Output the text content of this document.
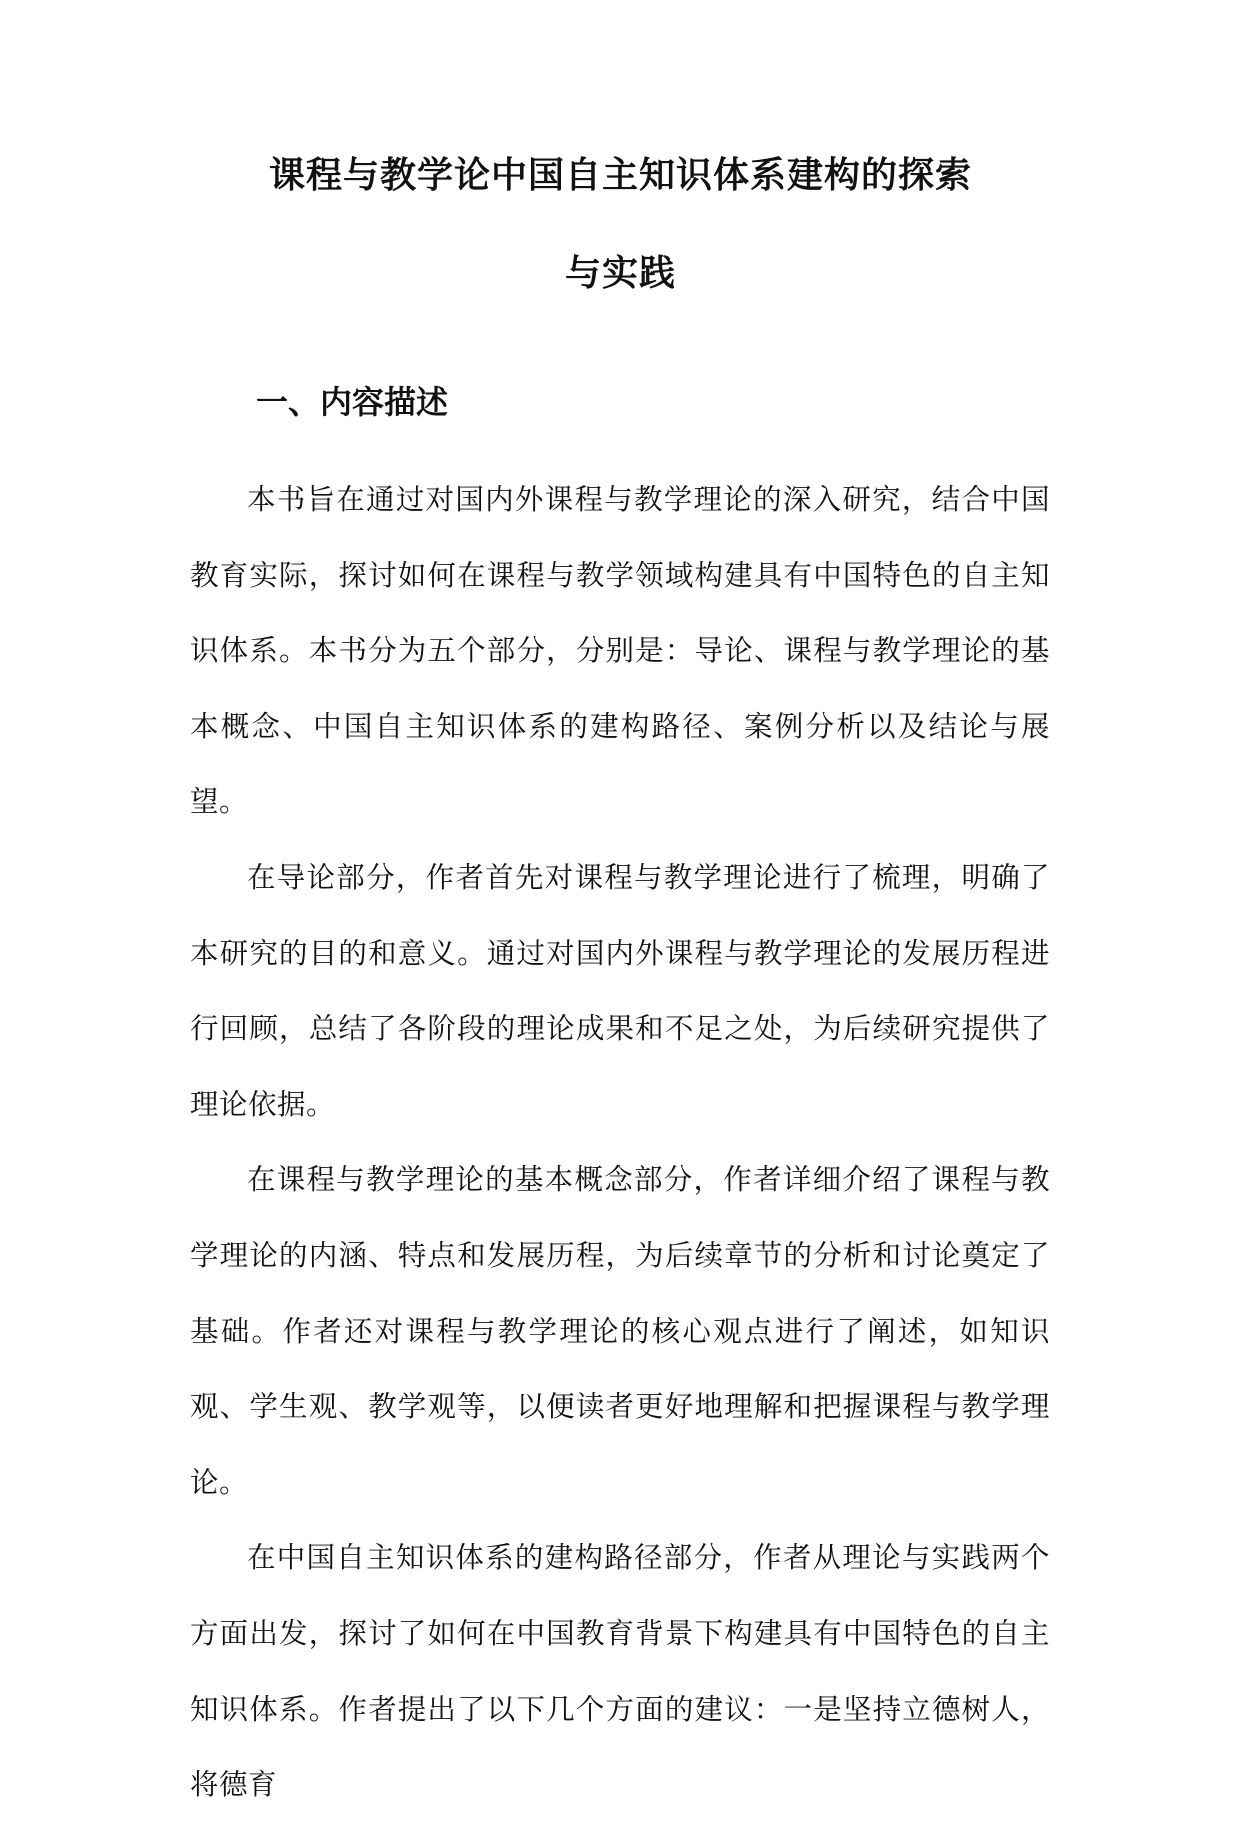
课程与教学论中国自主知识体系建构的探索
与实践
一、内容描述

本书旨在通过对国内外课程与教学理论的深入研究，结合中国教育实际，探讨如何在课程与教学领域构建具有中国特色的自主知识体系。本书分为五个部分，分别是：导论、课程与教学理论的基本概念、中国自主知识体系的建构路径、案例分析以及结论与展望。

在导论部分，作者首先对课程与教学理论进行了梳理，明确了本研究的目的和意义。通过对国内外课程与教学理论的发展历程进行回顾，总结了各阶段的理论成果和不足之处，为后续研究提供了理论依据。

在课程与教学理论的基本概念部分，作者详细介绍了课程与教学理论的内涵、特点和发展历程，为后续章节的分析和讨论奠定了基础。作者还对课程与教学理论的核心观点进行了阐述，如知识观、学生观、教学观等，以便读者更好地理解和把握课程与教学理论。

在中国自主知识体系的建构路径部分，作者从理论与实践两个方面出发，探讨了如何在中国教育背景下构建具有中国特色的自主知识体系。作者提出了以下几个方面的建议：一是坚持立德树人，将德育
